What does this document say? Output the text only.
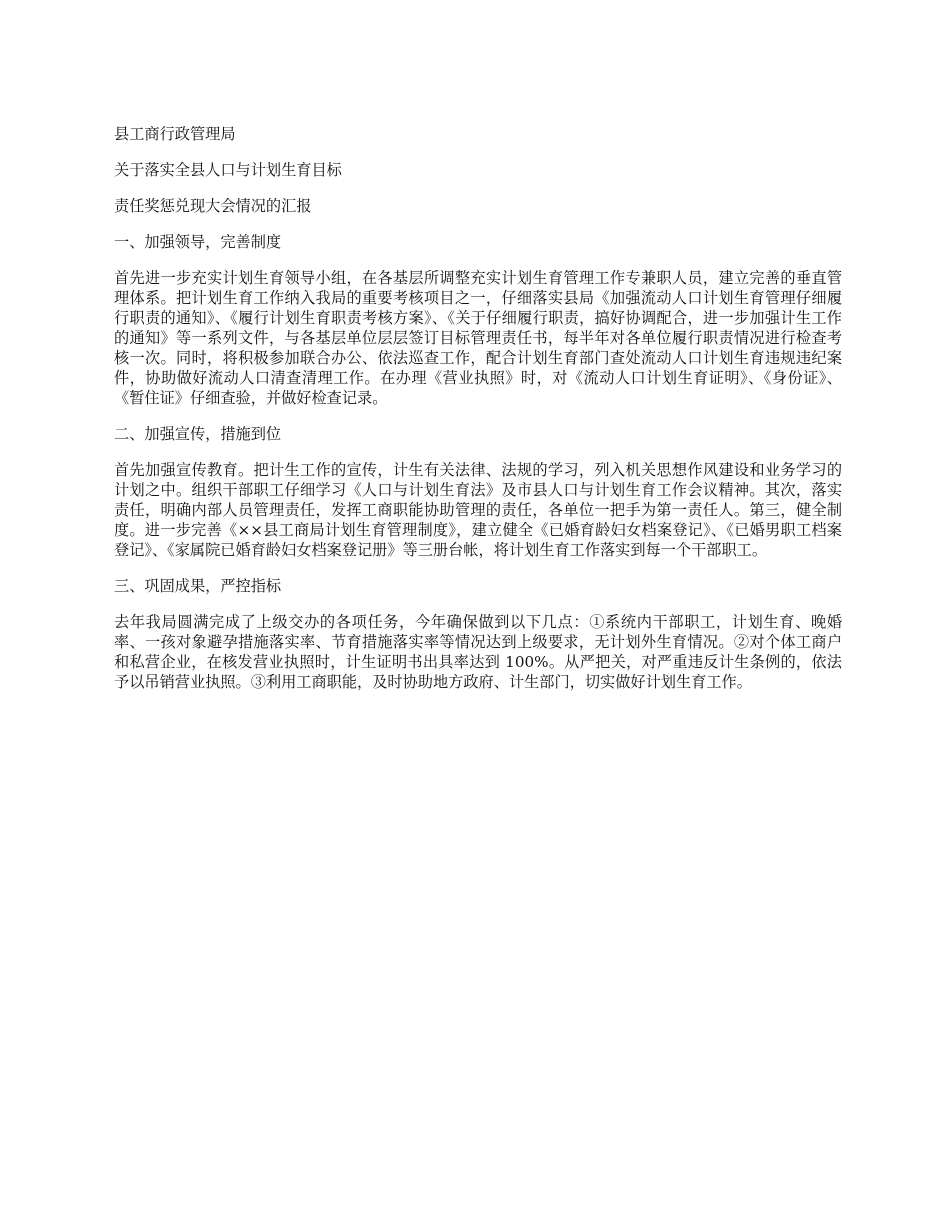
县工商行政管理局

关于落实全县人口与计划生育目标

责任奖惩兑现大会情况的汇报

一、加强领导，完善制度

首先进一步充实计划生育领导小组，在各基层所调整充实计划生育管理工作专兼职人员，建立完善的垂直管理体系。把计划生育工作纳入我局的重要考核项目之一，仔细落实县局《加强流动人口计划生育管理仔细履行职责的通知》、《履行计划生育职责考核方案》、《关于仔细履行职责，搞好协调配合，进一步加强计生工作的通知》等一系列文件，与各基层单位层层签订目标管理责任书，每半年对各单位履行职责情况进行检查考核一次。同时，将积极参加联合办公、依法巡查工作，配合计划生育部门查处流动人口计划生育违规违纪案件，协助做好流动人口清查清理工作。在办理《营业执照》时，对《流动人口计划生育证明》、《身份证》、《暂住证》仔细查验，并做好检查记录。

二、加强宣传，措施到位

首先加强宣传教育。把计生工作的宣传，计生有关法律、法规的学习，列入机关思想作风建设和业务学习的计划之中。组织干部职工仔细学习《人口与计划生育法》及市县人口与计划生育工作会议精神。其次，落实责任，明确内部人员管理责任，发挥工商职能协助管理的责任，各单位一把手为第一责任人。第三，健全制度。进一步完善《××县工商局计划生育管理制度》，建立健全《已婚育龄妇女档案登记》、《已婚男职工档案登记》、《家属院已婚育龄妇女档案登记册》等三册台帐，将计划生育工作落实到每一个干部职工。

三、巩固成果，严控指标

去年我局圆满完成了上级交办的各项任务，今年确保做到以下几点：①系统内干部职工，计划生育、晚婚率、一孩对象避孕措施落实率、节育措施落实率等情况达到上级要求，无计划外生育情况。②对个体工商户和私营企业，在核发营业执照时，计生证明书出具率达到 100%。从严把关，对严重违反计生条例的，依法予以吊销营业执照。③利用工商职能，及时协助地方政府、计生部门，切实做好计划生育工作。
